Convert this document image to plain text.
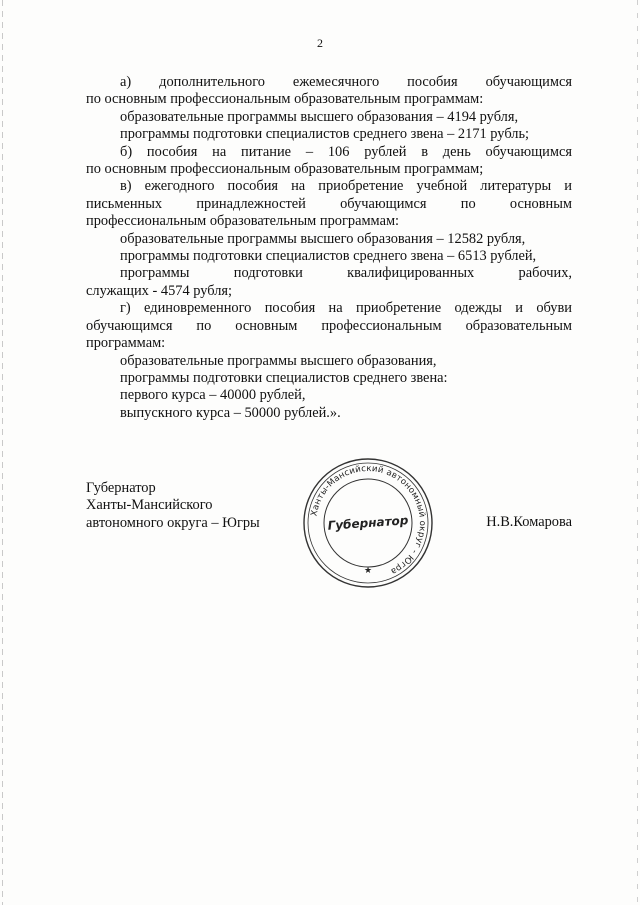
2
а) дополнительного ежемесячного пособия обучающимся
по основным профессиональным образовательным программам:
образовательные программы высшего образования – 4194 рубля,
программы подготовки специалистов среднего звена – 2171 рубль;
б) пособия на питание – 106 рублей в день обучающимся
по основным профессиональным образовательным программам;
в) ежегодного пособия на приобретение учебной литературы и
письменных принадлежностей обучающимся по основным
профессиональным образовательным программам:
образовательные программы высшего образования – 12582 рубля,
программы подготовки специалистов среднего звена – 6513 рублей,
программы подготовки квалифицированных рабочих,
служащих - 4574 рубля;
г) единовременного пособия на приобретение одежды и обуви
обучающимся по основным профессиональным образовательным
программам:
образовательные программы высшего образования,
программы подготовки специалистов среднего звена:
первого курса – 40000 рублей,
выпускного курса – 50000 рублей.».
Ханты-Мансийский автономный округ - Югра
Губернатор
★
Губернатор
Ханты-Мансийского
автономного округа – Югры	Н.В.Комарова
